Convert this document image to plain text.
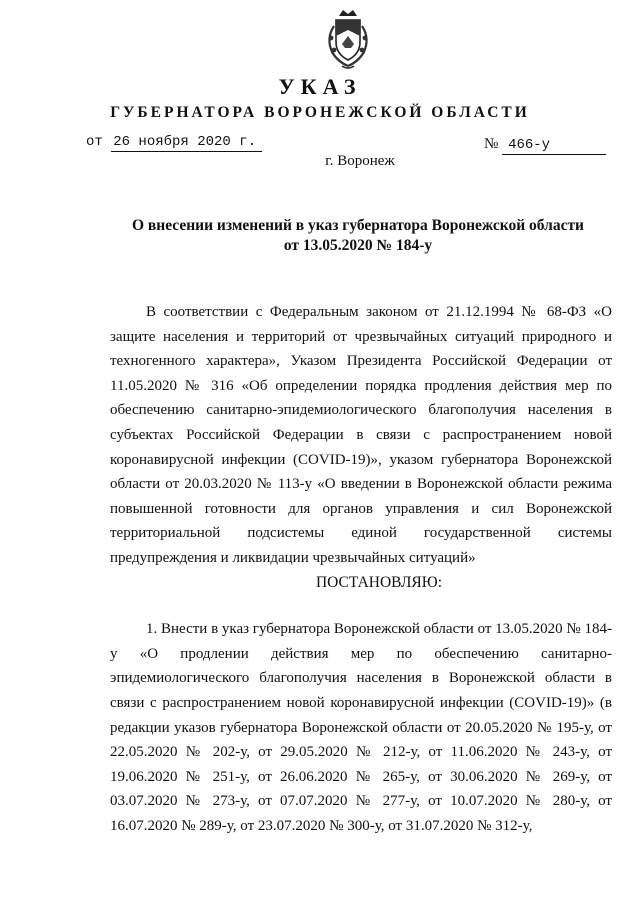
УКАЗ
ГУБЕРНАТОРА ВОРОНЕЖСКОЙ ОБЛАСТИ
от 26 ноября 2020 г.	№ 466-у
г. Воронеж
О внесении изменений в указ губернатора Воронежской области
от 13.05.2020 № 184-у

В соответствии с Федеральным законом от 21.12.1994 № 68-ФЗ «О защите населения и территорий от чрезвычайных ситуаций природного и техногенного характера», Указом Президента Российской Федерации от 11.05.2020 № 316 «Об определении порядка продления действия мер по обеспечению санитарно-эпидемиологического благополучия населения в субъектах Российской Федерации в связи с распространением новой коронавирусной инфекции (COVID-19)», указом губернатора Воронежской области от 20.03.2020 № 113-у «О введении в Воронежской области режима повышенной готовности для органов управления и сил Воронежской территориальной подсистемы единой государственной системы предупреждения и ликвидации чрезвычайных ситуаций»

ПОСТАНОВЛЯЮ:

1. Внести в указ губернатора Воронежской области от 13.05.2020 № 184-у «О продлении действия мер по обеспечению санитарно-эпидемиологического благополучия населения в Воронежской области в связи с распространением новой коронавирусной инфекции (COVID-19)» (в редакции указов губернатора Воронежской области от 20.05.2020 № 195-у, от 22.05.2020 № 202-у, от 29.05.2020 № 212-у, от 11.06.2020 № 243-у, от 19.06.2020 № 251-у, от 26.06.2020 № 265-у, от 30.06.2020 № 269-у, от 03.07.2020 № 273-у, от 07.07.2020 № 277-у, от 10.07.2020 № 280-у, от 16.07.2020 № 289-у, от 23.07.2020 № 300-у, от 31.07.2020 № 312-у,
